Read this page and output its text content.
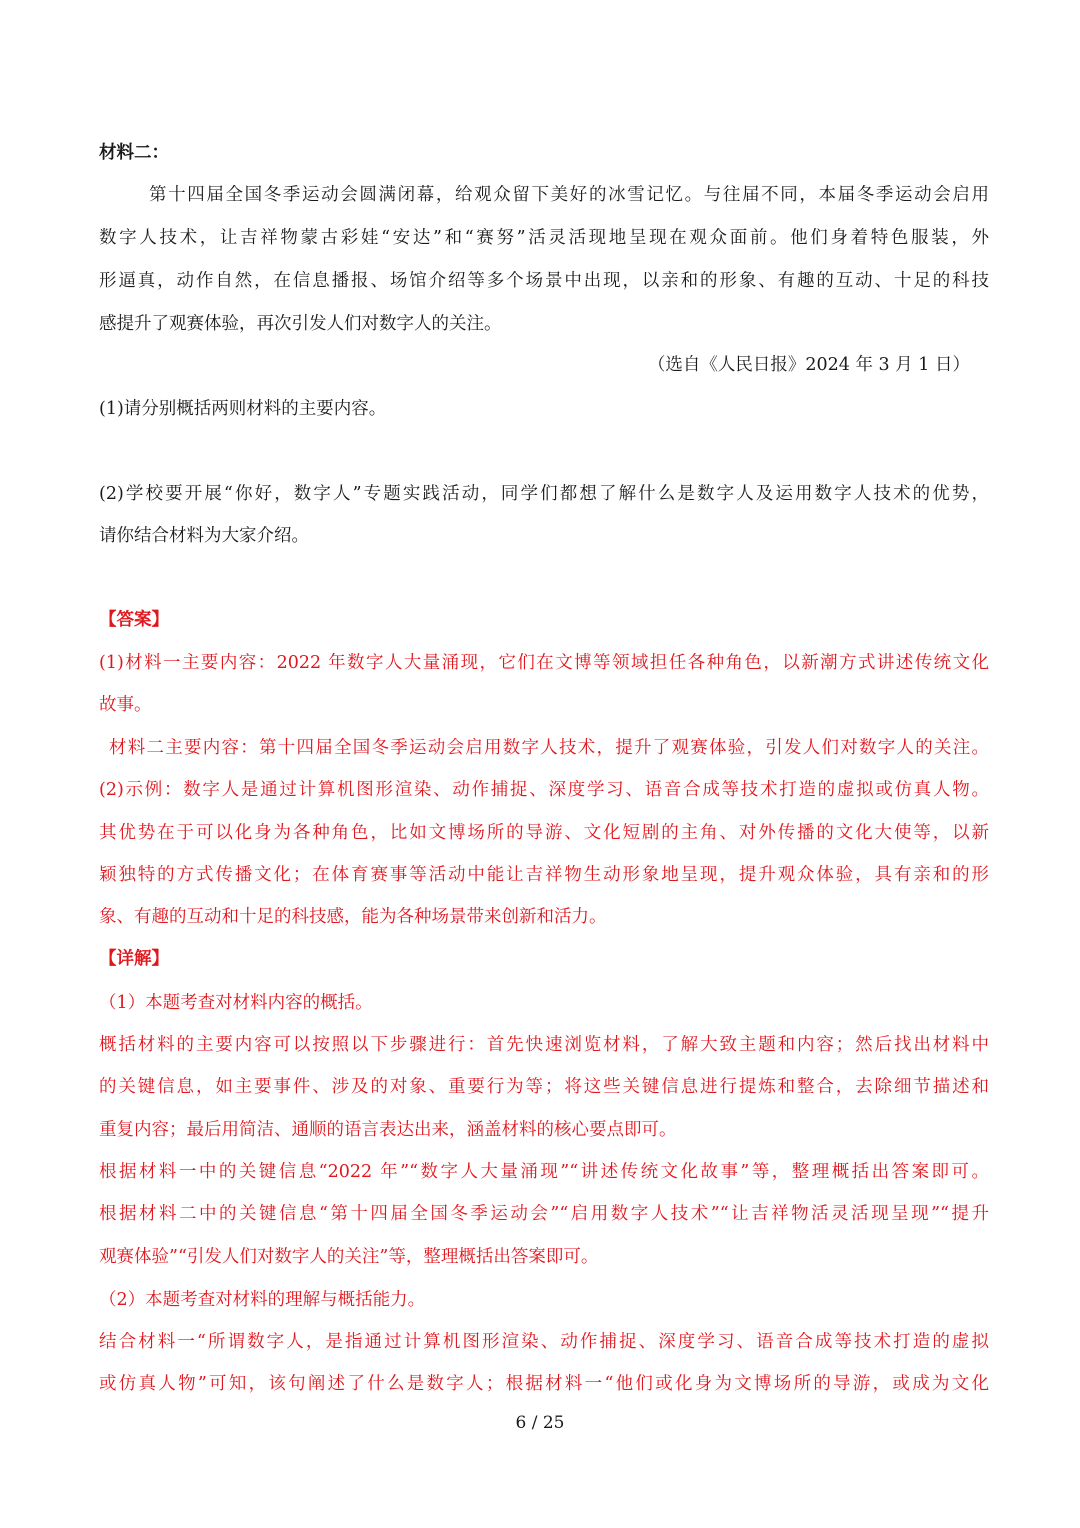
材料二：

第十四届全国冬季运动会圆满闭幕，给观众留下美好的冰雪记忆。与往届不同，本届冬季运动会启用

数字人技术，让吉祥物蒙古彩娃“安达”和“赛努”活灵活现地呈现在观众面前。他们身着特色服装，外

形逼真，动作自然，在信息播报、场馆介绍等多个场景中出现，以亲和的形象、有趣的互动、十足的科技

感提升了观赛体验，再次引发人们对数字人的关注。

（选自《人民日报》2024 年 3 月 1 日）

(1)请分别概括两则材料的主要内容。

(2)学校要开展“你好，数字人”专题实践活动，同学们都想了解什么是数字人及运用数字人技术的优势，

请你结合材料为大家介绍。

【答案】

(1)材料一主要内容：2022 年数字人大量涌现，它们在文博等领域担任各种角色，以新潮方式讲述传统文化

故事。

材料二主要内容：第十四届全国冬季运动会启用数字人技术，提升了观赛体验，引发人们对数字人的关注。

(2)示例：数字人是通过计算机图形渲染、动作捕捉、深度学习、语音合成等技术打造的虚拟或仿真人物。

其优势在于可以化身为各种角色，比如文博场所的导游、文化短剧的主角、对外传播的文化大使等，以新

颖独特的方式传播文化；在体育赛事等活动中能让吉祥物生动形象地呈现，提升观众体验，具有亲和的形

象、有趣的互动和十足的科技感，能为各种场景带来创新和活力。

【详解】

（1）本题考查对材料内容的概括。

概括材料的主要内容可以按照以下步骤进行：首先快速浏览材料，了解大致主题和内容；然后找出材料中

的关键信息，如主要事件、涉及的对象、重要行为等；将这些关键信息进行提炼和整合，去除细节描述和

重复内容；最后用简洁、通顺的语言表达出来，涵盖材料的核心要点即可。

根据材料一中的关键信息“2022 年”“数字人大量涌现”“讲述传统文化故事”等，整理概括出答案即可。

根据材料二中的关键信息“第十四届全国冬季运动会”“启用数字人技术”“让吉祥物活灵活现呈现”“提升

观赛体验”“引发人们对数字人的关注”等，整理概括出答案即可。

（2）本题考查对材料的理解与概括能力。

结合材料一“所谓数字人，是指通过计算机图形渲染、动作捕捉、深度学习、语音合成等技术打造的虚拟

或仿真人物”可知，该句阐述了什么是数字人；根据材料一“他们或化身为文博场所的导游，或成为文化

6 / 25
